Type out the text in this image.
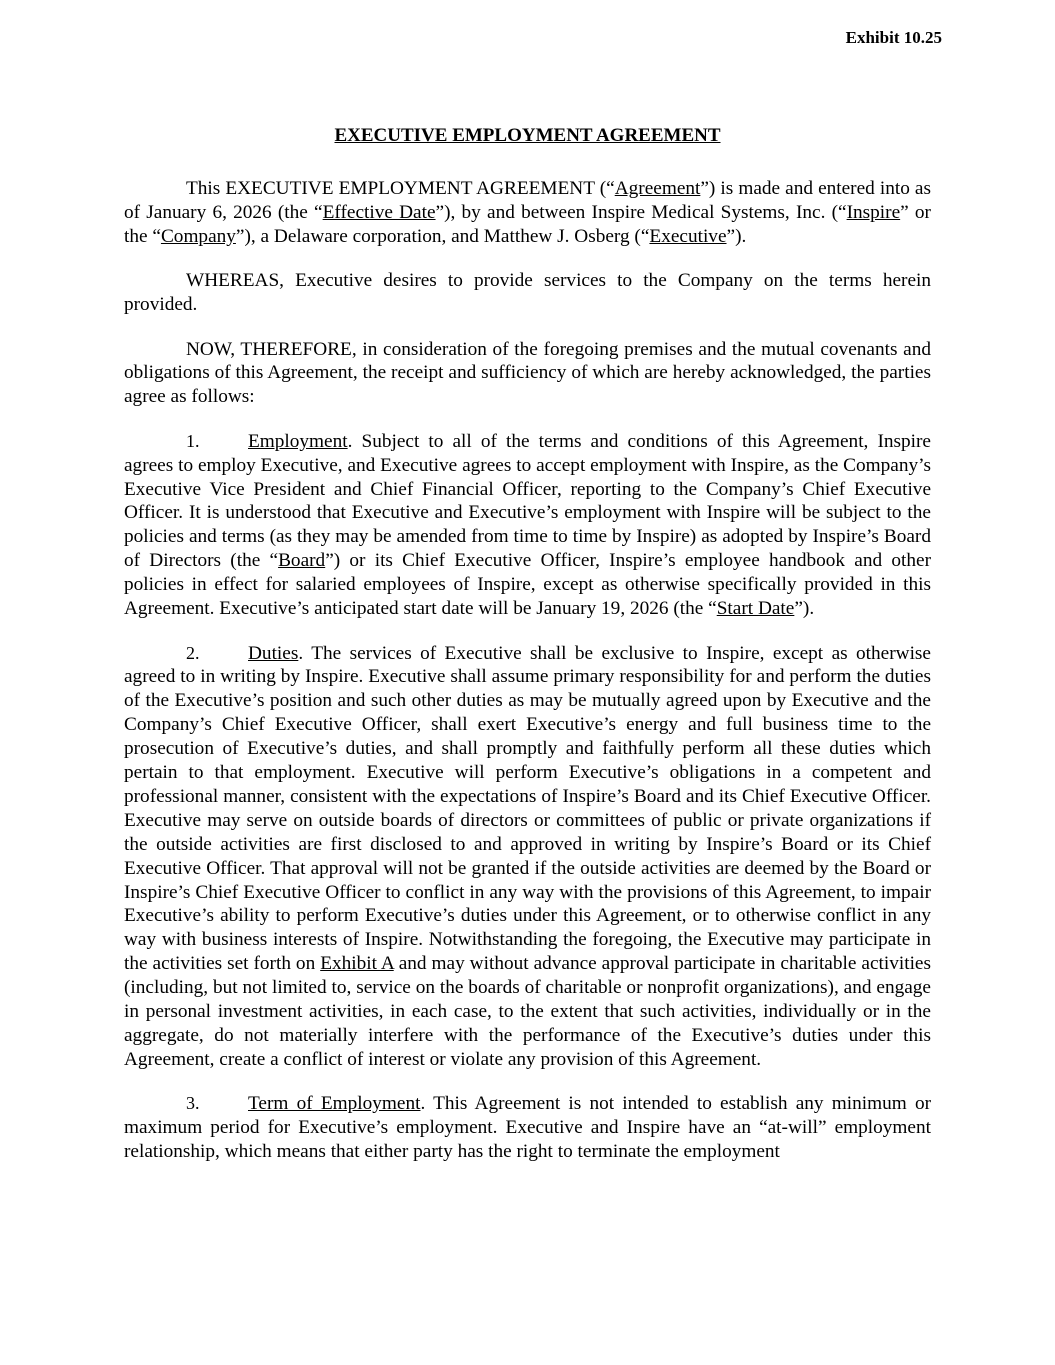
Exhibit 10.25
EXECUTIVE EMPLOYMENT AGREEMENT

This EXECUTIVE EMPLOYMENT AGREEMENT (“Agreement”) is made and entered into as of January 6, 2026 (the “Effective Date”), by and between Inspire Medical Systems, Inc. (“Inspire” or the “Company”), a Delaware corporation, and Matthew J. Osberg (“Executive”).

WHEREAS, Executive desires to provide services to the Company on the terms herein provided.

NOW, THEREFORE, in consideration of the foregoing premises and the mutual covenants and obligations of this Agreement, the receipt and sufficiency of which are hereby acknowledged, the parties agree as follows:

1.	Employment. Subject to all of the terms and conditions of this Agreement, Inspire agrees to employ Executive, and Executive agrees to accept employment with Inspire, as the Company’s Executive Vice President and Chief Financial Officer, reporting to the Company’s Chief Executive Officer. It is understood that Executive and Executive’s employment with Inspire will be subject to the policies and terms (as they may be amended from time to time by Inspire) as adopted by Inspire’s Board of Directors (the “Board”) or its Chief Executive Officer, Inspire’s employee handbook and other policies in effect for salaried employees of Inspire, except as otherwise specifically provided in this Agreement. Executive’s anticipated start date will be January 19, 2026 (the “Start Date”).

2.	Duties. The services of Executive shall be exclusive to Inspire, except as otherwise agreed to in writing by Inspire. Executive shall assume primary responsibility for and perform the duties of the Executive’s position and such other duties as may be mutually agreed upon by Executive and the Company’s Chief Executive Officer, shall exert Executive’s energy and full business time to the prosecution of Executive’s duties, and shall promptly and faithfully perform all these duties which pertain to that employment. Executive will perform Executive’s obligations in a competent and professional manner, consistent with the expectations of Inspire’s Board and its Chief Executive Officer. Executive may serve on outside boards of directors or committees of public or private organizations if the outside activities are first disclosed to and approved in writing by Inspire’s Board or its Chief Executive Officer. That approval will not be granted if the outside activities are deemed by the Board or Inspire’s Chief Executive Officer to conflict in any way with the provisions of this Agreement, to impair Executive’s ability to perform Executive’s duties under this Agreement, or to otherwise conflict in any way with business interests of Inspire. Notwithstanding the foregoing, the Executive may participate in the activities set forth on Exhibit A and may without advance approval participate in charitable activities (including, but not limited to, service on the boards of charitable or nonprofit organizations), and engage in personal investment activities, in each case, to the extent that such activities, individually or in the aggregate, do not materially interfere with the performance of the Executive’s duties under this Agreement, create a conflict of interest or violate any provision of this Agreement.

3.	Term of Employment. This Agreement is not intended to establish any minimum or maximum period for Executive’s employment. Executive and Inspire have an “at-will” employment relationship, which means that either party has the right to terminate the employment
